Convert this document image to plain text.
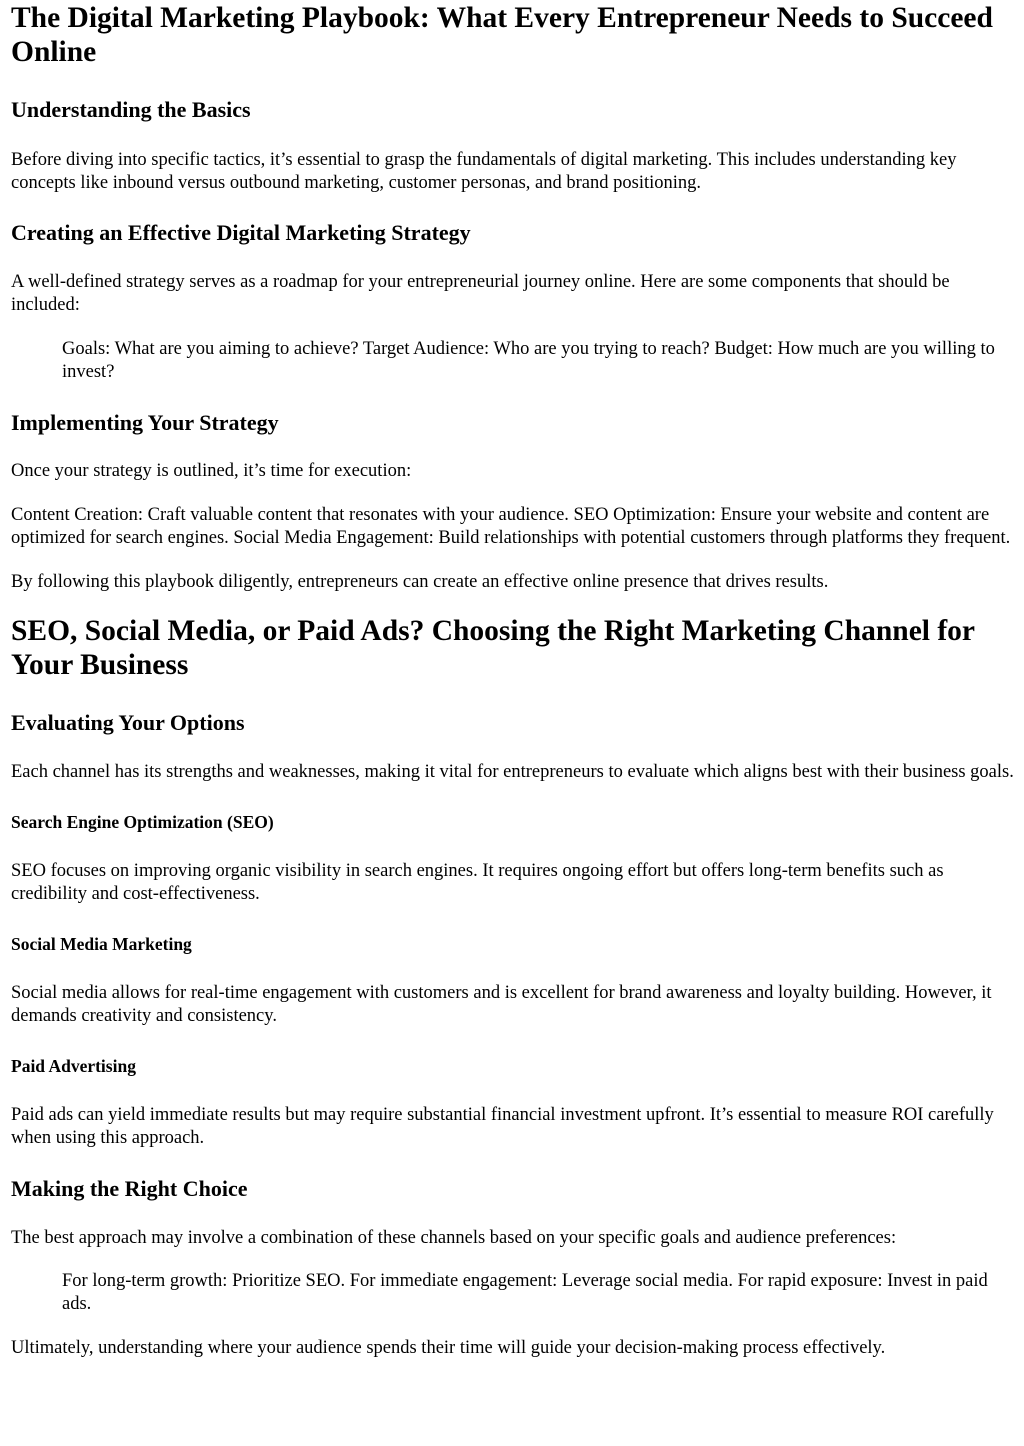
The Digital Marketing Playbook: What Every Entrepreneur Needs to Succeed Online
Understanding the Basics

Before diving into specific tactics, it’s essential to grasp the fundamentals of digital marketing. This includes understanding key concepts like inbound versus outbound marketing, customer personas, and brand positioning.

Creating an Effective Digital Marketing Strategy

A well-defined strategy serves as a roadmap for your entrepreneurial journey online. Here are some components that should be included:

Goals: What are you aiming to achieve? Target Audience: Who are you trying to reach? Budget: How much are you willing to invest?
Implementing Your Strategy

Once your strategy is outlined, it’s time for execution:

Content Creation: Craft valuable content that resonates with your audience. SEO Optimization: Ensure your website and content are optimized for search engines. Social Media Engagement: Build relationships with potential customers through platforms they frequent.

By following this playbook diligently, entrepreneurs can create an effective online presence that drives results.

SEO, Social Media, or Paid Ads? Choosing the Right Marketing Channel for Your Business
Evaluating Your Options

Each channel has its strengths and weaknesses, making it vital for entrepreneurs to evaluate which aligns best with their business goals.

Search Engine Optimization (SEO)

SEO focuses on improving organic visibility in search engines. It requires ongoing effort but offers long-term benefits such as credibility and cost-effectiveness.

Social Media Marketing

Social media allows for real-time engagement with customers and is excellent for brand awareness and loyalty building. However, it demands creativity and consistency.

Paid Advertising

Paid ads can yield immediate results but may require substantial financial investment upfront. It’s essential to measure ROI carefully when using this approach.

Making the Right Choice

The best approach may involve a combination of these channels based on your specific goals and audience preferences:

For long-term growth: Prioritize SEO. For immediate engagement: Leverage social media. For rapid exposure: Invest in paid ads.

Ultimately, understanding where your audience spends their time will guide your decision-making process effectively.
